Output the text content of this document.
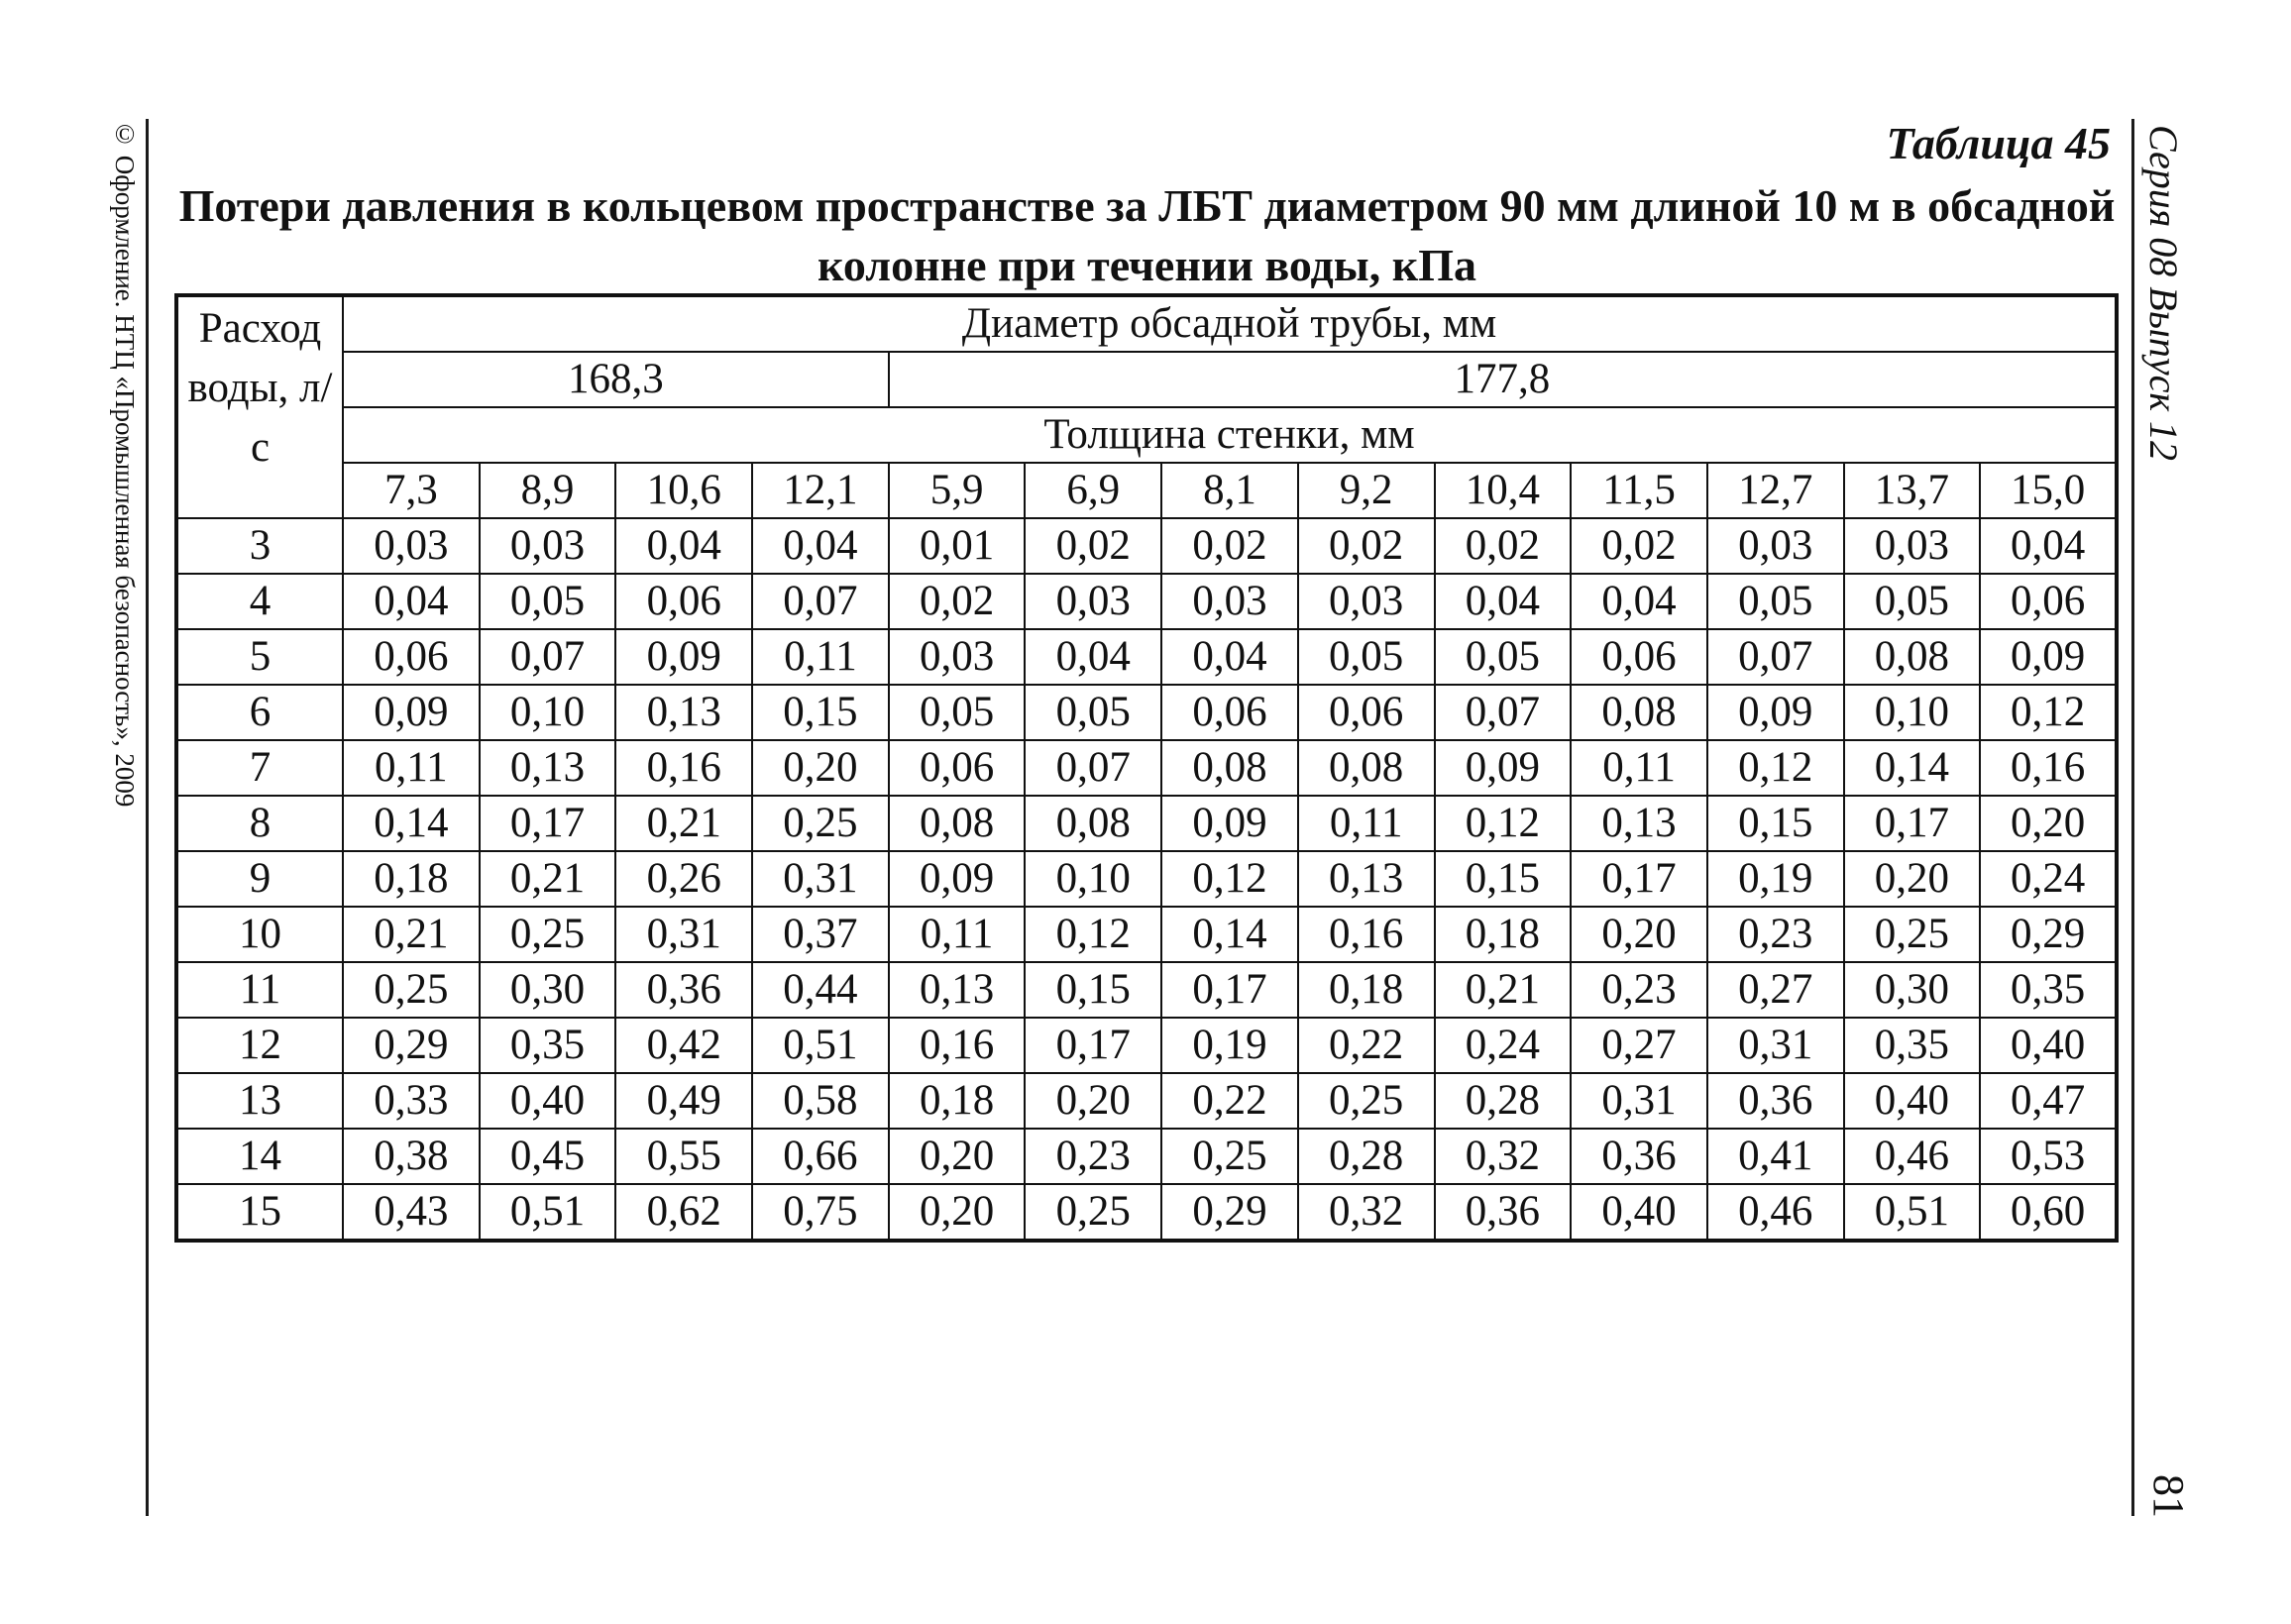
© Оформление. НТЦ «Промышленная безопасность», 2009	Серия 08 Выпуск 12
81
Таблица 45
Потери давления в кольцевом пространстве за ЛБТ диаметром 90 мм длиной 10 м в обсадной колонне при течении воды, кПа
Расход воды, л/с	Диаметр обсадной трубы, мм												
	168,3				177,8								
	Толщина стенки, мм												
	7,3	8,9	10,6	12,1	5,9	6,9	8,1	9,2	10,4	11,5	12,7	13,7	15,0
3	0,03	0,03	0,04	0,04	0,01	0,02	0,02	0,02	0,02	0,02	0,03	0,03	0,04
4	0,04	0,05	0,06	0,07	0,02	0,03	0,03	0,03	0,04	0,04	0,05	0,05	0,06
5	0,06	0,07	0,09	0,11	0,03	0,04	0,04	0,05	0,05	0,06	0,07	0,08	0,09
6	0,09	0,10	0,13	0,15	0,05	0,05	0,06	0,06	0,07	0,08	0,09	0,10	0,12
7	0,11	0,13	0,16	0,20	0,06	0,07	0,08	0,08	0,09	0,11	0,12	0,14	0,16
8	0,14	0,17	0,21	0,25	0,08	0,08	0,09	0,11	0,12	0,13	0,15	0,17	0,20
9	0,18	0,21	0,26	0,31	0,09	0,10	0,12	0,13	0,15	0,17	0,19	0,20	0,24
10	0,21	0,25	0,31	0,37	0,11	0,12	0,14	0,16	0,18	0,20	0,23	0,25	0,29
11	0,25	0,30	0,36	0,44	0,13	0,15	0,17	0,18	0,21	0,23	0,27	0,30	0,35
12	0,29	0,35	0,42	0,51	0,16	0,17	0,19	0,22	0,24	0,27	0,31	0,35	0,40
13	0,33	0,40	0,49	0,58	0,18	0,20	0,22	0,25	0,28	0,31	0,36	0,40	0,47
14	0,38	0,45	0,55	0,66	0,20	0,23	0,25	0,28	0,32	0,36	0,41	0,46	0,53
15	0,43	0,51	0,62	0,75	0,20	0,25	0,29	0,32	0,36	0,40	0,46	0,51	0,60
